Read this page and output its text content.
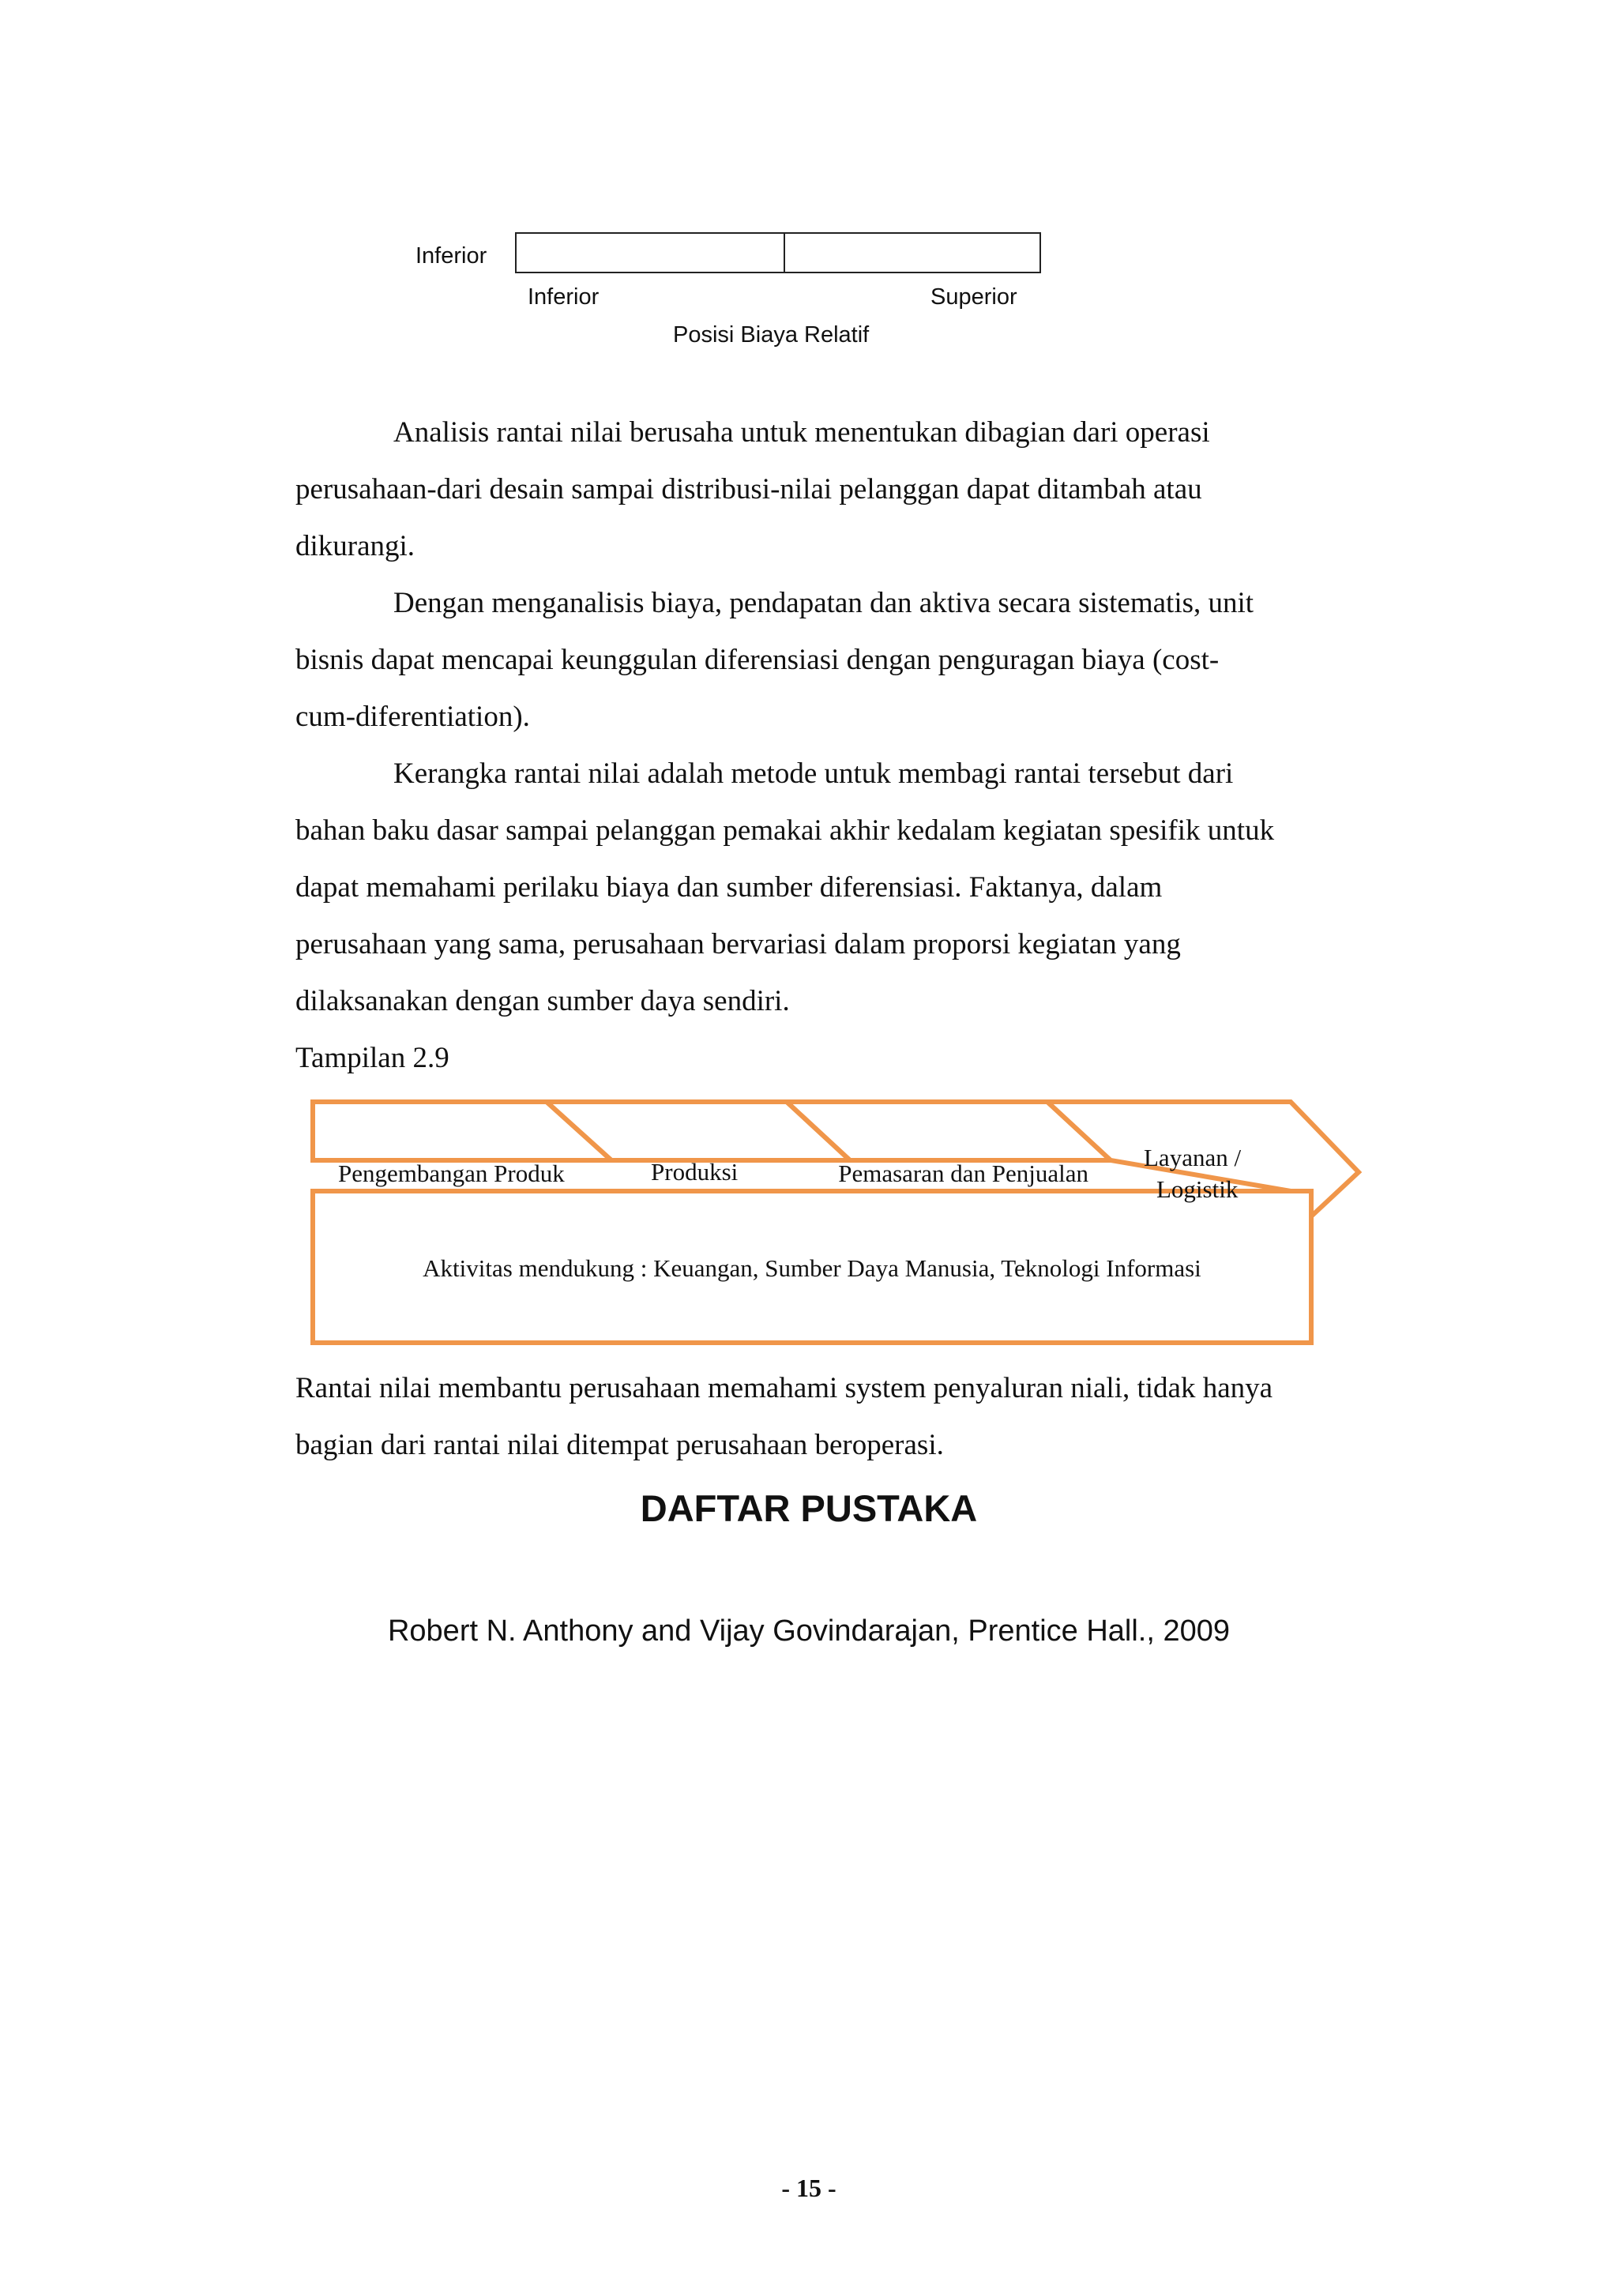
Inferior
Inferior	Superior
Posisi Biaya Relatif
Analisis rantai nilai berusaha untuk menentukan dibagian dari operasi
perusahaan-dari desain sampai distribusi-nilai pelanggan dapat ditambah atau
dikurangi.
Dengan menganalisis biaya, pendapatan dan aktiva secara sistematis, unit
bisnis dapat mencapai keunggulan diferensiasi dengan penguragan biaya (cost-
cum-diferentiation).
Kerangka rantai nilai adalah metode untuk membagi rantai tersebut dari
bahan baku dasar sampai pelanggan pemakai akhir kedalam kegiatan spesifik untuk
dapat memahami perilaku biaya dan sumber diferensiasi. Faktanya, dalam
perusahaan yang sama, perusahaan bervariasi dalam proporsi kegiatan yang
dilaksanakan dengan sumber daya sendiri.
Tampilan 2.9
Pengembangan Produk	Produksi	Pemasaran dan Penjualan
Layanan /
Logistik
Aktivitas mendukung : Keuangan, Sumber Daya Manusia, Teknologi Informasi
Rantai nilai membantu perusahaan memahami system penyaluran niali, tidak hanya
bagian dari rantai nilai ditempat perusahaan beroperasi.
DAFTAR PUSTAKA
Robert N. Anthony and Vijay Govindarajan, Prentice Hall., 2009
- 15 -
